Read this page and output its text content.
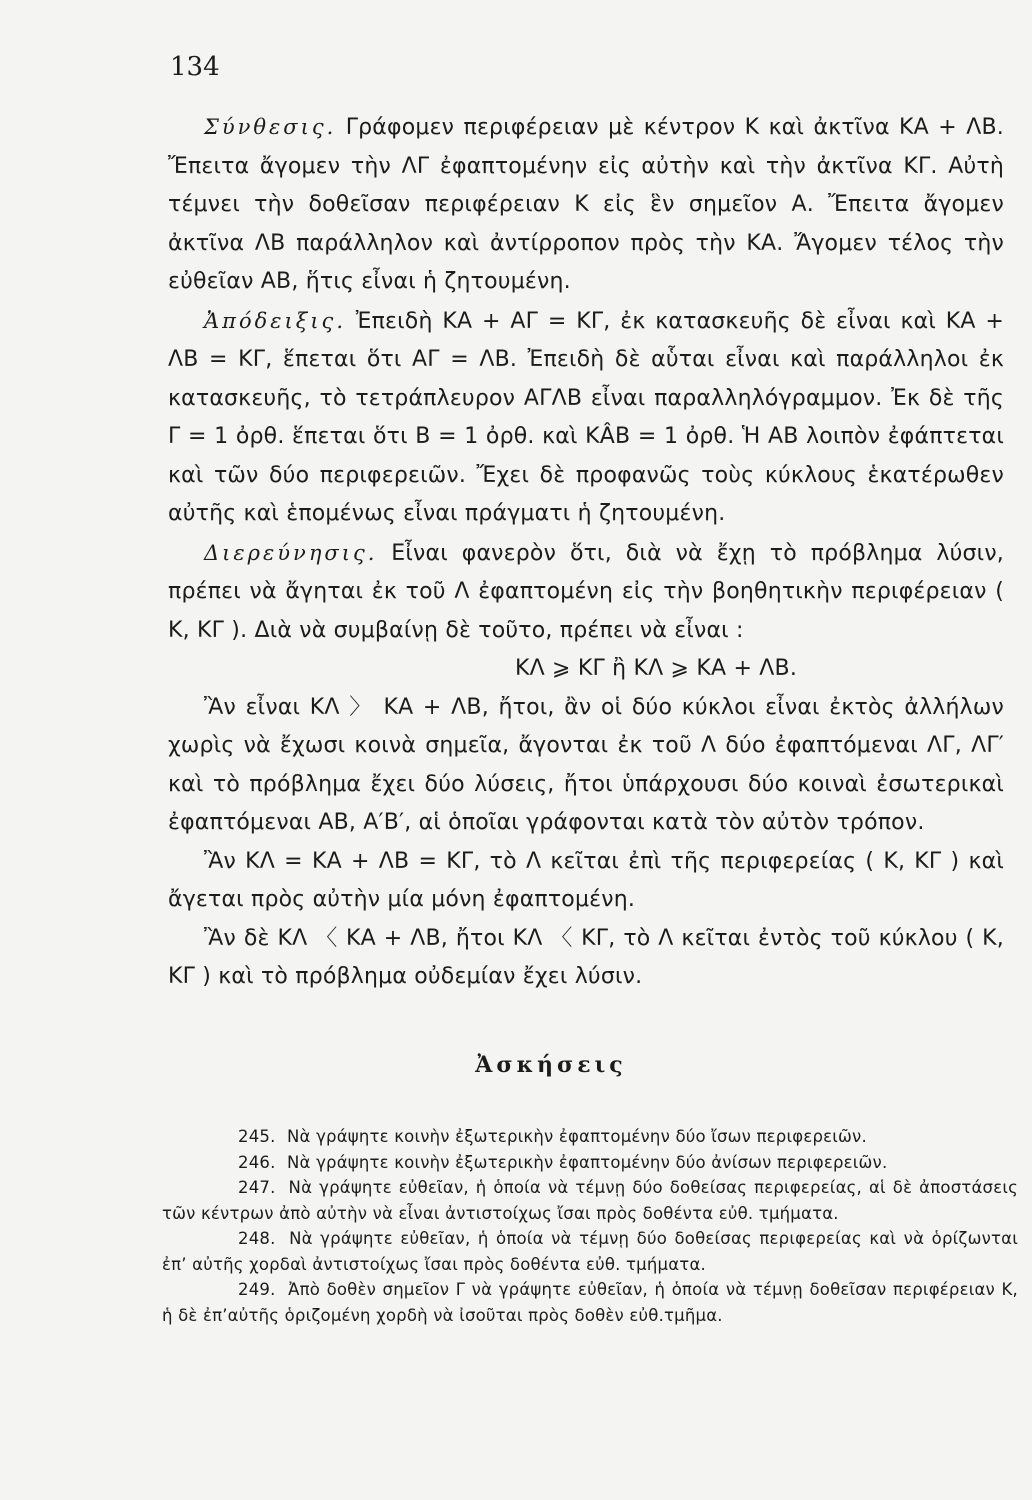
134

Σύνθεσις. Γράφομεν περιφέρειαν μὲ κέντρον Κ καὶ ἀκτῖνα ΚΑ + ΛΒ. Ἔπειτα ἄγομεν τὴν ΛΓ ἐφαπτομένην εἰς αὐτὴν καὶ τὴν ἀκτῖνα ΚΓ. Αὐτὴ τέμνει τὴν δοθεῖσαν περιφέρειαν Κ εἰς ἓν σημεῖον Α. Ἔπειτα ἄγομεν ἀκτῖνα ΛΒ παράλληλον καὶ ἀντίρροπον πρὸς τὴν ΚΑ. Ἄγομεν τέλος τὴν εὐθεῖαν ΑΒ, ἥτις εἶναι ἡ ζητουμένη.

Ἀπόδειξις. Ἐπειδὴ ΚΑ + ΑΓ = ΚΓ, ἐκ κατασκευῆς δὲ εἶναι καὶ ΚΑ + ΛΒ = ΚΓ, ἕπεται ὅτι ΑΓ = ΛΒ. Ἐπειδὴ δὲ αὗται εἶναι καὶ παράλληλοι ἐκ κατασκευῆς, τὸ τετράπλευρον ΑΓΛΒ εἶναι παραλληλόγραμμον. Ἐκ δὲ τῆς Γ = 1 ὀρθ. ἕπεται ὅτι Β = 1 ὀρθ. καὶ ΚÂΒ = 1 ὀρθ. Ἡ ΑΒ λοιπὸν ἐφάπτεται καὶ τῶν δύο περιφερειῶν. Ἔχει δὲ προφανῶς τοὺς κύκλους ἑκατέρωθεν αὐτῆς καὶ ἑπομένως εἶναι πράγματι ἡ ζητουμένη.

Διερεύνησις. Εἶναι φανερὸν ὅτι, διὰ νὰ ἔχῃ τὸ πρόβλημα λύσιν, πρέπει νὰ ἄγηται ἐκ τοῦ Λ ἐφαπτομένη εἰς τὴν βοηθητικὴν περιφέρειαν ( Κ, ΚΓ ). Διὰ νὰ συμβαίνῃ δὲ τοῦτο, πρέπει νὰ εἶναι :

ΚΛ ⩾ ΚΓ ἢ ΚΛ ⩾ ΚΑ + ΛΒ.

Ἂν εἶναι ΚΛ 〉 ΚΑ + ΛΒ, ἤτοι, ἂν οἱ δύο κύκλοι εἶναι ἐκτὸς ἀλλήλων χωρὶς νὰ ἔχωσι κοινὰ σημεῖα, ἄγονται ἐκ τοῦ Λ δύο ἐφαπτόμεναι ΛΓ, ΛΓ′ καὶ τὸ πρόβλημα ἔχει δύο λύσεις, ἤτοι ὑπάρχουσι δύο κοιναὶ ἐσωτερικαὶ ἐφαπτόμεναι ΑΒ, Α′Β′, αἱ ὁποῖαι γράφονται κατὰ τὸν αὐτὸν τρόπον.

Ἂν ΚΛ = ΚΑ + ΛΒ = ΚΓ, τὸ Λ κεῖται ἐπὶ τῆς περιφερείας ( Κ, ΚΓ ) καὶ ἄγεται πρὸς αὐτὴν μία μόνη ἐφαπτομένη.

Ἂν δὲ ΚΛ 〈 ΚΑ + ΛΒ, ἤτοι ΚΛ 〈 ΚΓ, τὸ Λ κεῖται ἐντὸς τοῦ κύκλου ( Κ, ΚΓ ) καὶ τὸ πρόβλημα οὐδεμίαν ἔχει λύσιν.

Ἀσκήσεις

245. Νὰ γράψητε κοινὴν ἐξωτερικὴν ἐφαπτομένην δύο ἴσων περιφερειῶν.

246. Νὰ γράψητε κοινὴν ἐξωτερικὴν ἐφαπτομένην δύο ἀνίσων περιφερειῶν.

247. Νὰ γράψητε εὐθεῖαν, ἡ ὁποία νὰ τέμνῃ δύο δοθείσας περιφερείας, αἱ δὲ ἀποστάσεις τῶν κέντρων ἀπὸ αὐτὴν νὰ εἶναι ἀντιστοίχως ἴσαι πρὸς δοθέντα εὐθ. τμήματα.

248. Νὰ γράψητε εὐθεῖαν, ἡ ὁποία νὰ τέμνῃ δύο δοθείσας περιφερείας καὶ νὰ ὁρίζωνται ἐπ’ αὐτῆς χορδαὶ ἀντιστοίχως ἴσαι πρὸς δοθέντα εὐθ. τμήματα.

249. Ἀπὸ δοθὲν σημεῖον Γ νὰ γράψητε εὐθεῖαν, ἡ ὁποία νὰ τέμνῃ δοθεῖσαν περιφέρειαν Κ, ἡ δὲ ἐπ’αὐτῆς ὁριζομένη χορδὴ νὰ ἰσοῦται πρὸς δοθὲν εὐθ.τμῆμα.
